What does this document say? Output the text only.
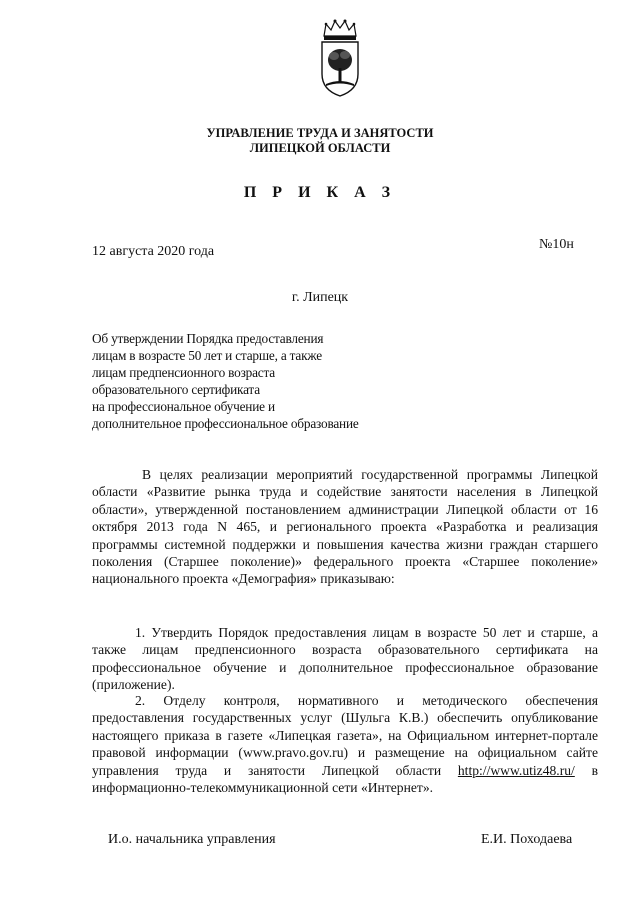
УПРАВЛЕНИЕ ТРУДА И ЗАНЯТОСТИ
ЛИПЕЦКОЙ ОБЛАСТИ
П Р И К А З
12 августа 2020 года	№10н
г. Липецк
Об утверждении Порядка предоставления
лицам в возрасте 50 лет и старше, а также
лицам предпенсионного возраста
образовательного сертификата
на профессиональное обучение и
дополнительное профессиональное образование

В целях реализации мероприятий государственной программы Липецкой области «Развитие рынка труда и содействие занятости населения в Липецкой области», утвержденной постановлением администрации Липецкой области от 16 октября 2013 года N 465, и регионального проекта «Разработка и реализация программы системной поддержки и повышения качества жизни граждан старшего поколения (Старшее поколение)» федерального проекта «Старшее поколение» национального проекта «Демография» приказываю:

1. Утвердить Порядок предоставления лицам в возрасте 50 лет и старше, а также лицам предпенсионного возраста образовательного сертификата на профессиональное обучение и дополнительное профессиональное образование (приложение).

2. Отделу контроля, нормативного и методического обеспечения предоставления государственных услуг (Шульга К.В.) обеспечить опубликование настоящего приказа в газете «Липецкая газета», на Официальном интернет-портале правовой информации (www.pravo.gov.ru) и размещение на официальном сайте управления труда и занятости Липецкой области http://www.utiz48.ru/ в информационно-телекоммуникационной сети «Интернет».

И.о. начальника управления	Е.И. Походаева
